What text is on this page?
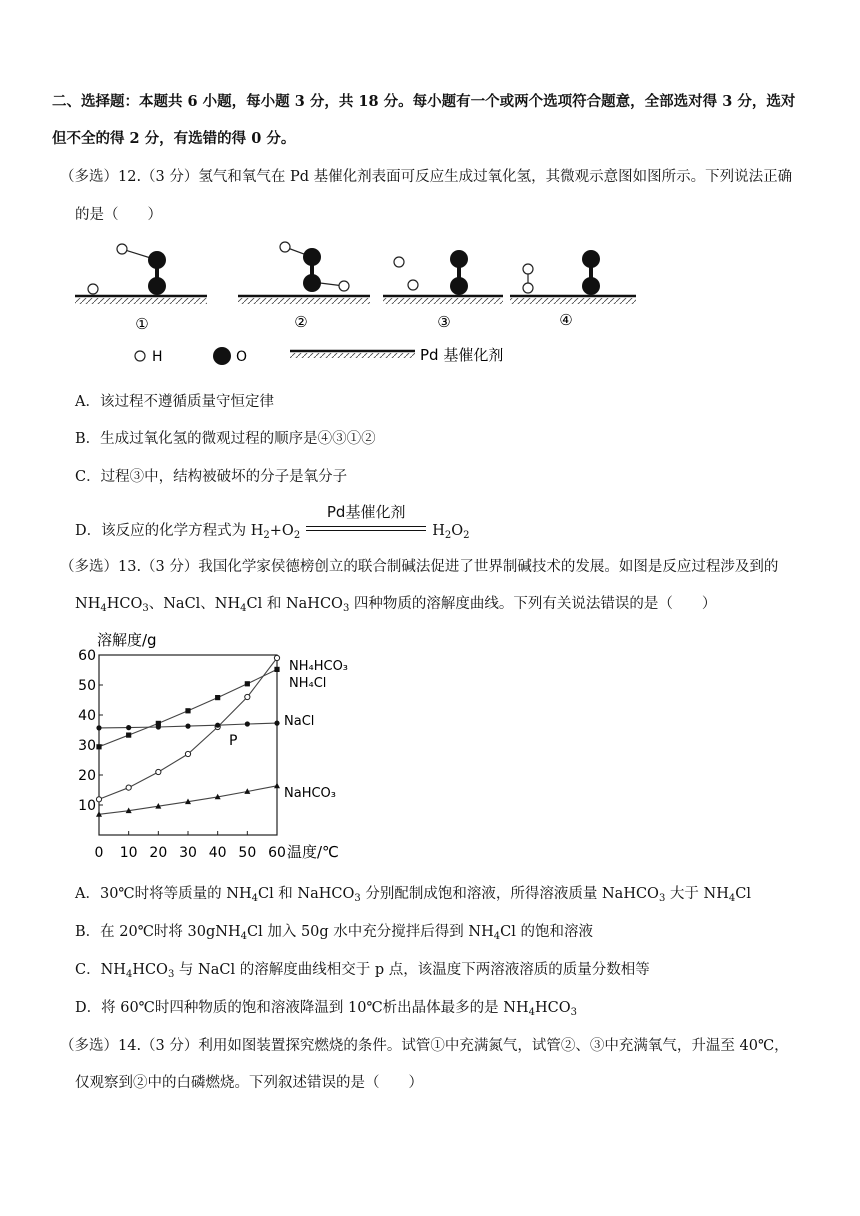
二、选择题：本题共 6 小题，每小题 3 分，共 18 分。每小题有一个或两个选项符合题意，全部选对得 3 分，选对
但不全的得 2 分，有选错的得 0 分。
（多选）12.（3 分）氢气和氧气在 Pd 基催化剂表面可反应生成过氧化氢，其微观示意图如图所示。下列说法正确
的是（　　）
①	②	③	④
H	O	Pd 基催化剂
A．该过程不遵循质量守恒定律
B．生成过氧化氢的微观过程的顺序是④③①②
C．过程③中，结构被破坏的分子是氧分子
D．该反应的化学方程式为 $H_2+O_2$
Pd基催化剂
$H_2O_2$
（多选）13.（3 分）我国化学家侯德榜创立的联合制碱法促进了世界制碱技术的发展。如图是反应过程涉及到的
$NH_4HCO_3$、NaCl、$NH_4Cl$ 和 NaHCO$_3$ 四种物质的溶解度曲线。下列有关说法错误的是（　　）
溶解度/g
温度/℃
P
0 10 20 30 40 50 60
10
20
30
40
50
60
NH₄HCO₃
NH₄Cl
NaCl
NaHCO₃
A．30℃时将等质量的 $NH_4Cl$ 和 NaHCO$_3$ 分别配制成饱和溶液，所得溶液质量 NaHCO$_3$ 大于 $NH_4Cl$
B．在 20℃时将 30gNH$_4$Cl 加入 50g 水中充分搅拌后得到 $NH_4Cl$ 的饱和溶液
C．$NH_4HCO_3$ 与 NaCl 的溶解度曲线相交于 p 点，该温度下两溶液溶质的质量分数相等
D．将 60℃时四种物质的饱和溶液降温到 10℃析出晶体最多的是 $NH_4HCO_3$
（多选）14.（3 分）利用如图装置探究燃烧的条件。试管①中充满氮气，试管②、③中充满氧气，升温至 40℃，
仅观察到②中的白磷燃烧。下列叙述错误的是（　　）
